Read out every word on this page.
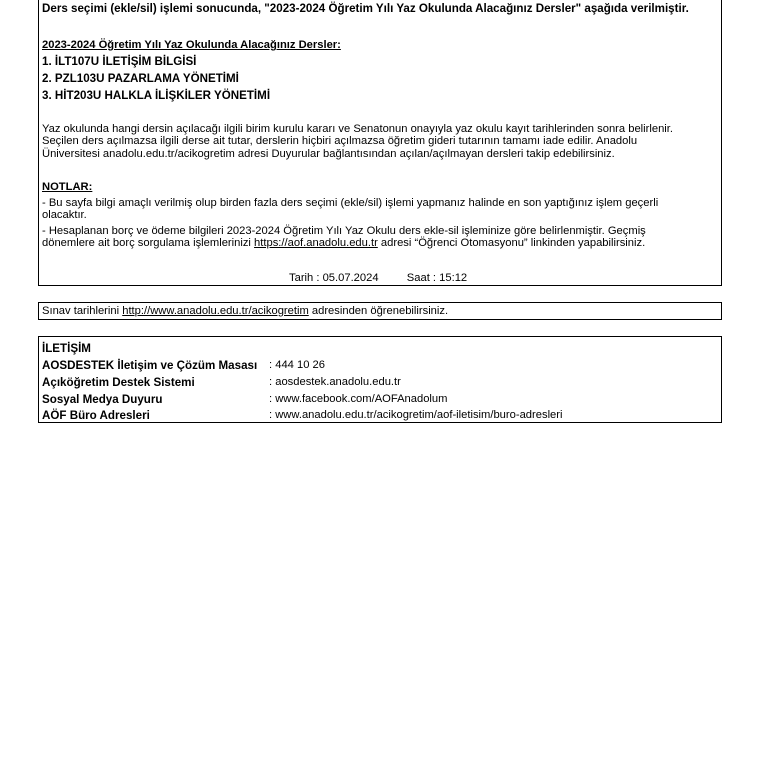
Ders seçimi (ekle/sil) işlemi sonucunda, "2023-2024 Öğretim Yılı Yaz Okulunda Alacağınız Dersler" aşağıda verilmiştir.
2023-2024 Öğretim Yılı Yaz Okulunda Alacağınız Dersler:
1. İLT107U İLETİŞİM BİLGİSİ
2. PZL103U PAZARLAMA YÖNETİMİ
3. HİT203U HALKLA İLİŞKİLER YÖNETİMİ
Yaz okulunda hangi dersin açılacağı ilgili birim kurulu kararı ve Senatonun onayıyla yaz okulu kayıt tarihlerinden sonra belirlenir.
Seçilen ders açılmazsa ilgili derse ait tutar, derslerin hiçbiri açılmazsa öğretim gideri tutarının tamamı iade edilir. Anadolu
Üniversitesi anadolu.edu.tr/acikogretim adresi Duyurular bağlantısından açılan/açılmayan dersleri takip edebilirsiniz.
NOTLAR:
- Bu sayfa bilgi amaçlı verilmiş olup birden fazla ders seçimi (ekle/sil) işlemi yapmanız halinde en son yaptığınız işlem geçerli
olacaktır.
- Hesaplanan borç ve ödeme bilgileri 2023-2024 Öğretim Yılı Yaz Okulu ders ekle-sil işleminize göre belirlenmiştir. Geçmiş
dönemlere ait borç sorgulama işlemlerinizi https://aof.anadolu.edu.tr adresi “Öğrenci Otomasyonu” linkinden yapabilirsiniz.
Tarih : 05.07.2024	Saat : 15:12
Sınav tarihlerini http://www.anadolu.edu.tr/acikogretim adresinden öğrenebilirsiniz.
İLETİŞİM
AOSDESTEK İletişim ve Çözüm Masası : 444 10 26
Açıköğretim Destek Sistemi	: aosdestek.anadolu.edu.tr
Sosyal Medya Duyuru	: www.facebook.com/AOFAnadolum
AÖF Büro Adresleri	: www.anadolu.edu.tr/acikogretim/aof-iletisim/buro-adresleri
